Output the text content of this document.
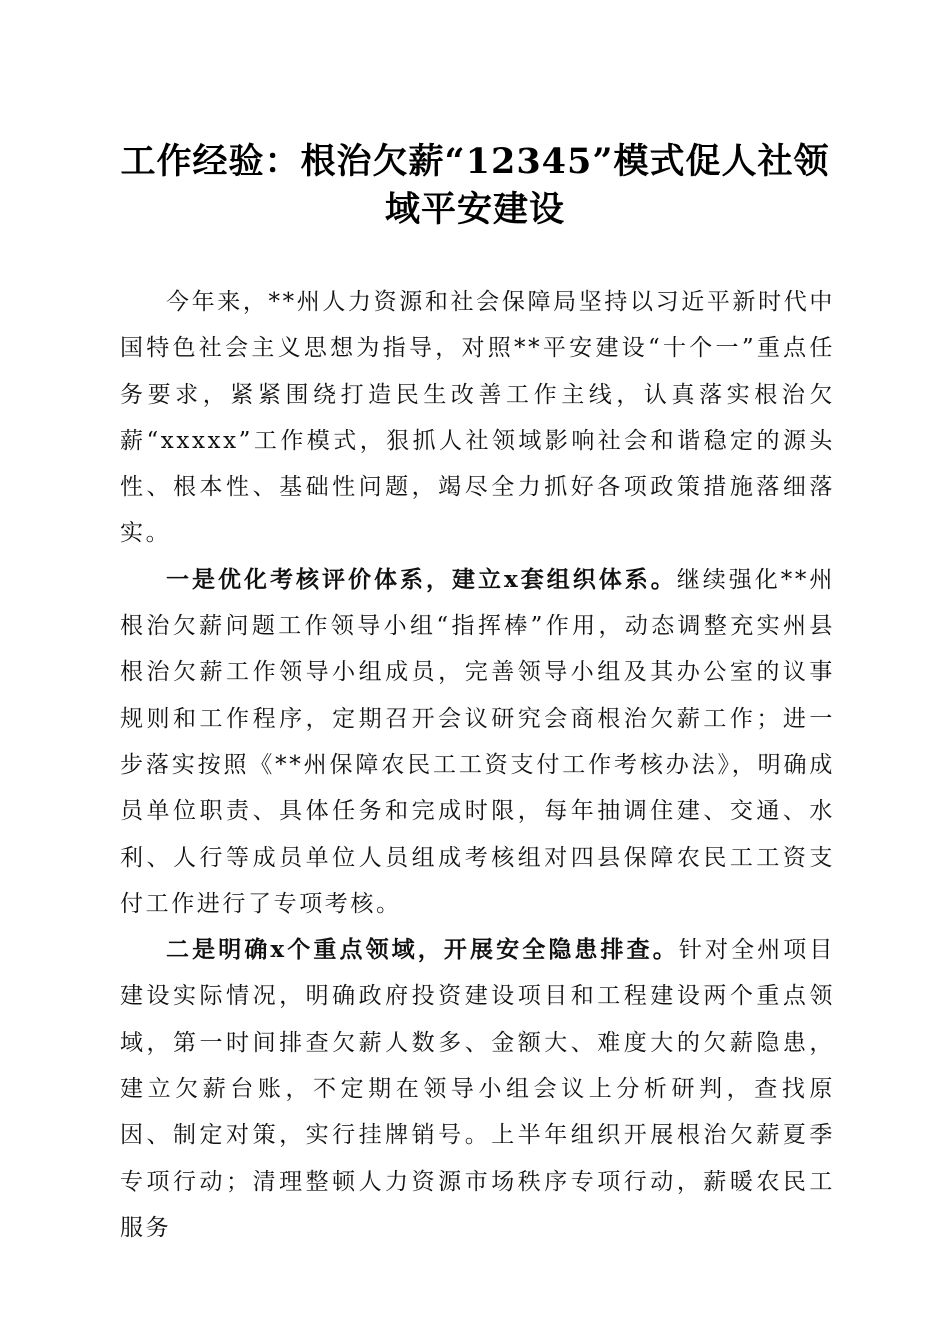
工作经验：根治欠薪“12345”模式促人社领
域平安建设

今年来，**州人力资源和社会保障局坚持以习近平新时代中国特色社会主义思想为指导，对照**平安建设“十个一”重点任务要求，紧紧围绕打造民生改善工作主线，认真落实根治欠薪“xxxxx”工作模式，狠抓人社领域影响社会和谐稳定的源头性、根本性、基础性问题，竭尽全力抓好各项政策措施落细落实。

一是优化考核评价体系，建立x套组织体系。继续强化**州根治欠薪问题工作领导小组“指挥棒”作用，动态调整充实州县根治欠薪工作领导小组成员，完善领导小组及其办公室的议事规则和工作程序，定期召开会议研究会商根治欠薪工作；进一步落实按照《**州保障农民工工资支付工作考核办法》，明确成员单位职责、具体任务和完成时限，每年抽调住建、交通、水利、人行等成员单位人员组成考核组对四县保障农民工工资支付工作进行了专项考核。

二是明确x个重点领域，开展安全隐患排查。针对全州项目建设实际情况，明确政府投资建设项目和工程建设两个重点领域，第一时间排查欠薪人数多、金额大、难度大的欠薪隐患，建立欠薪台账，不定期在领导小组会议上分析研判，查找原因、制定对策，实行挂牌销号。上半年组织开展根治欠薪夏季专项行动；清理整顿人力资源市场秩序专项行动，薪暖农民工服务
